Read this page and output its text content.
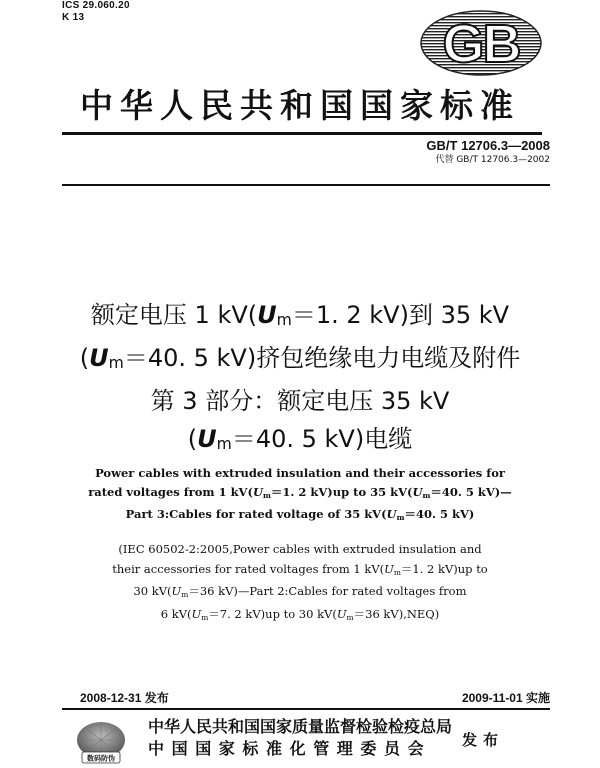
ICS 29.060.20
K 13	GB
中华人民共和国国家标准
GB/T 12706.3—2008
代替 GB/T 12706.3—2002
额定电压 1 $kV(U_m=1$. 2 kV)到 35 kV
($U_m=40$. 5 kV)挤包绝缘电力电缆及附件
第 3 部分：额定电压 35 kV
($U_m=40$. 5 kV)电缆
Power cables with extruded insulation and their accessories for
rated voltages from 1 $kV(U_m=1$. 2 kV)up to 35 $kV(U_m=40$. 5 kV)—
Part 3:Cables for rated voltage of 35 $kV(U_m=40$. 5 kV)
(IEC 60502-2:2005,Power cables with extruded insulation and
their accessories for rated voltages from 1 $kV(U_m=1$. 2 kV)up to
30 $kV(U_m=36$ kV)—Part 2:Cables for rated voltages from
6 $kV(U_m=7$. 2 kV)up to 30 $kV(U_m=36$ kV),NEQ)
2008-12-31 发布	2009-11-01 实施
数码防伪
中华人民共和国国家质量监督检验检疫总局
中国国家标准化管理委员会	发布
